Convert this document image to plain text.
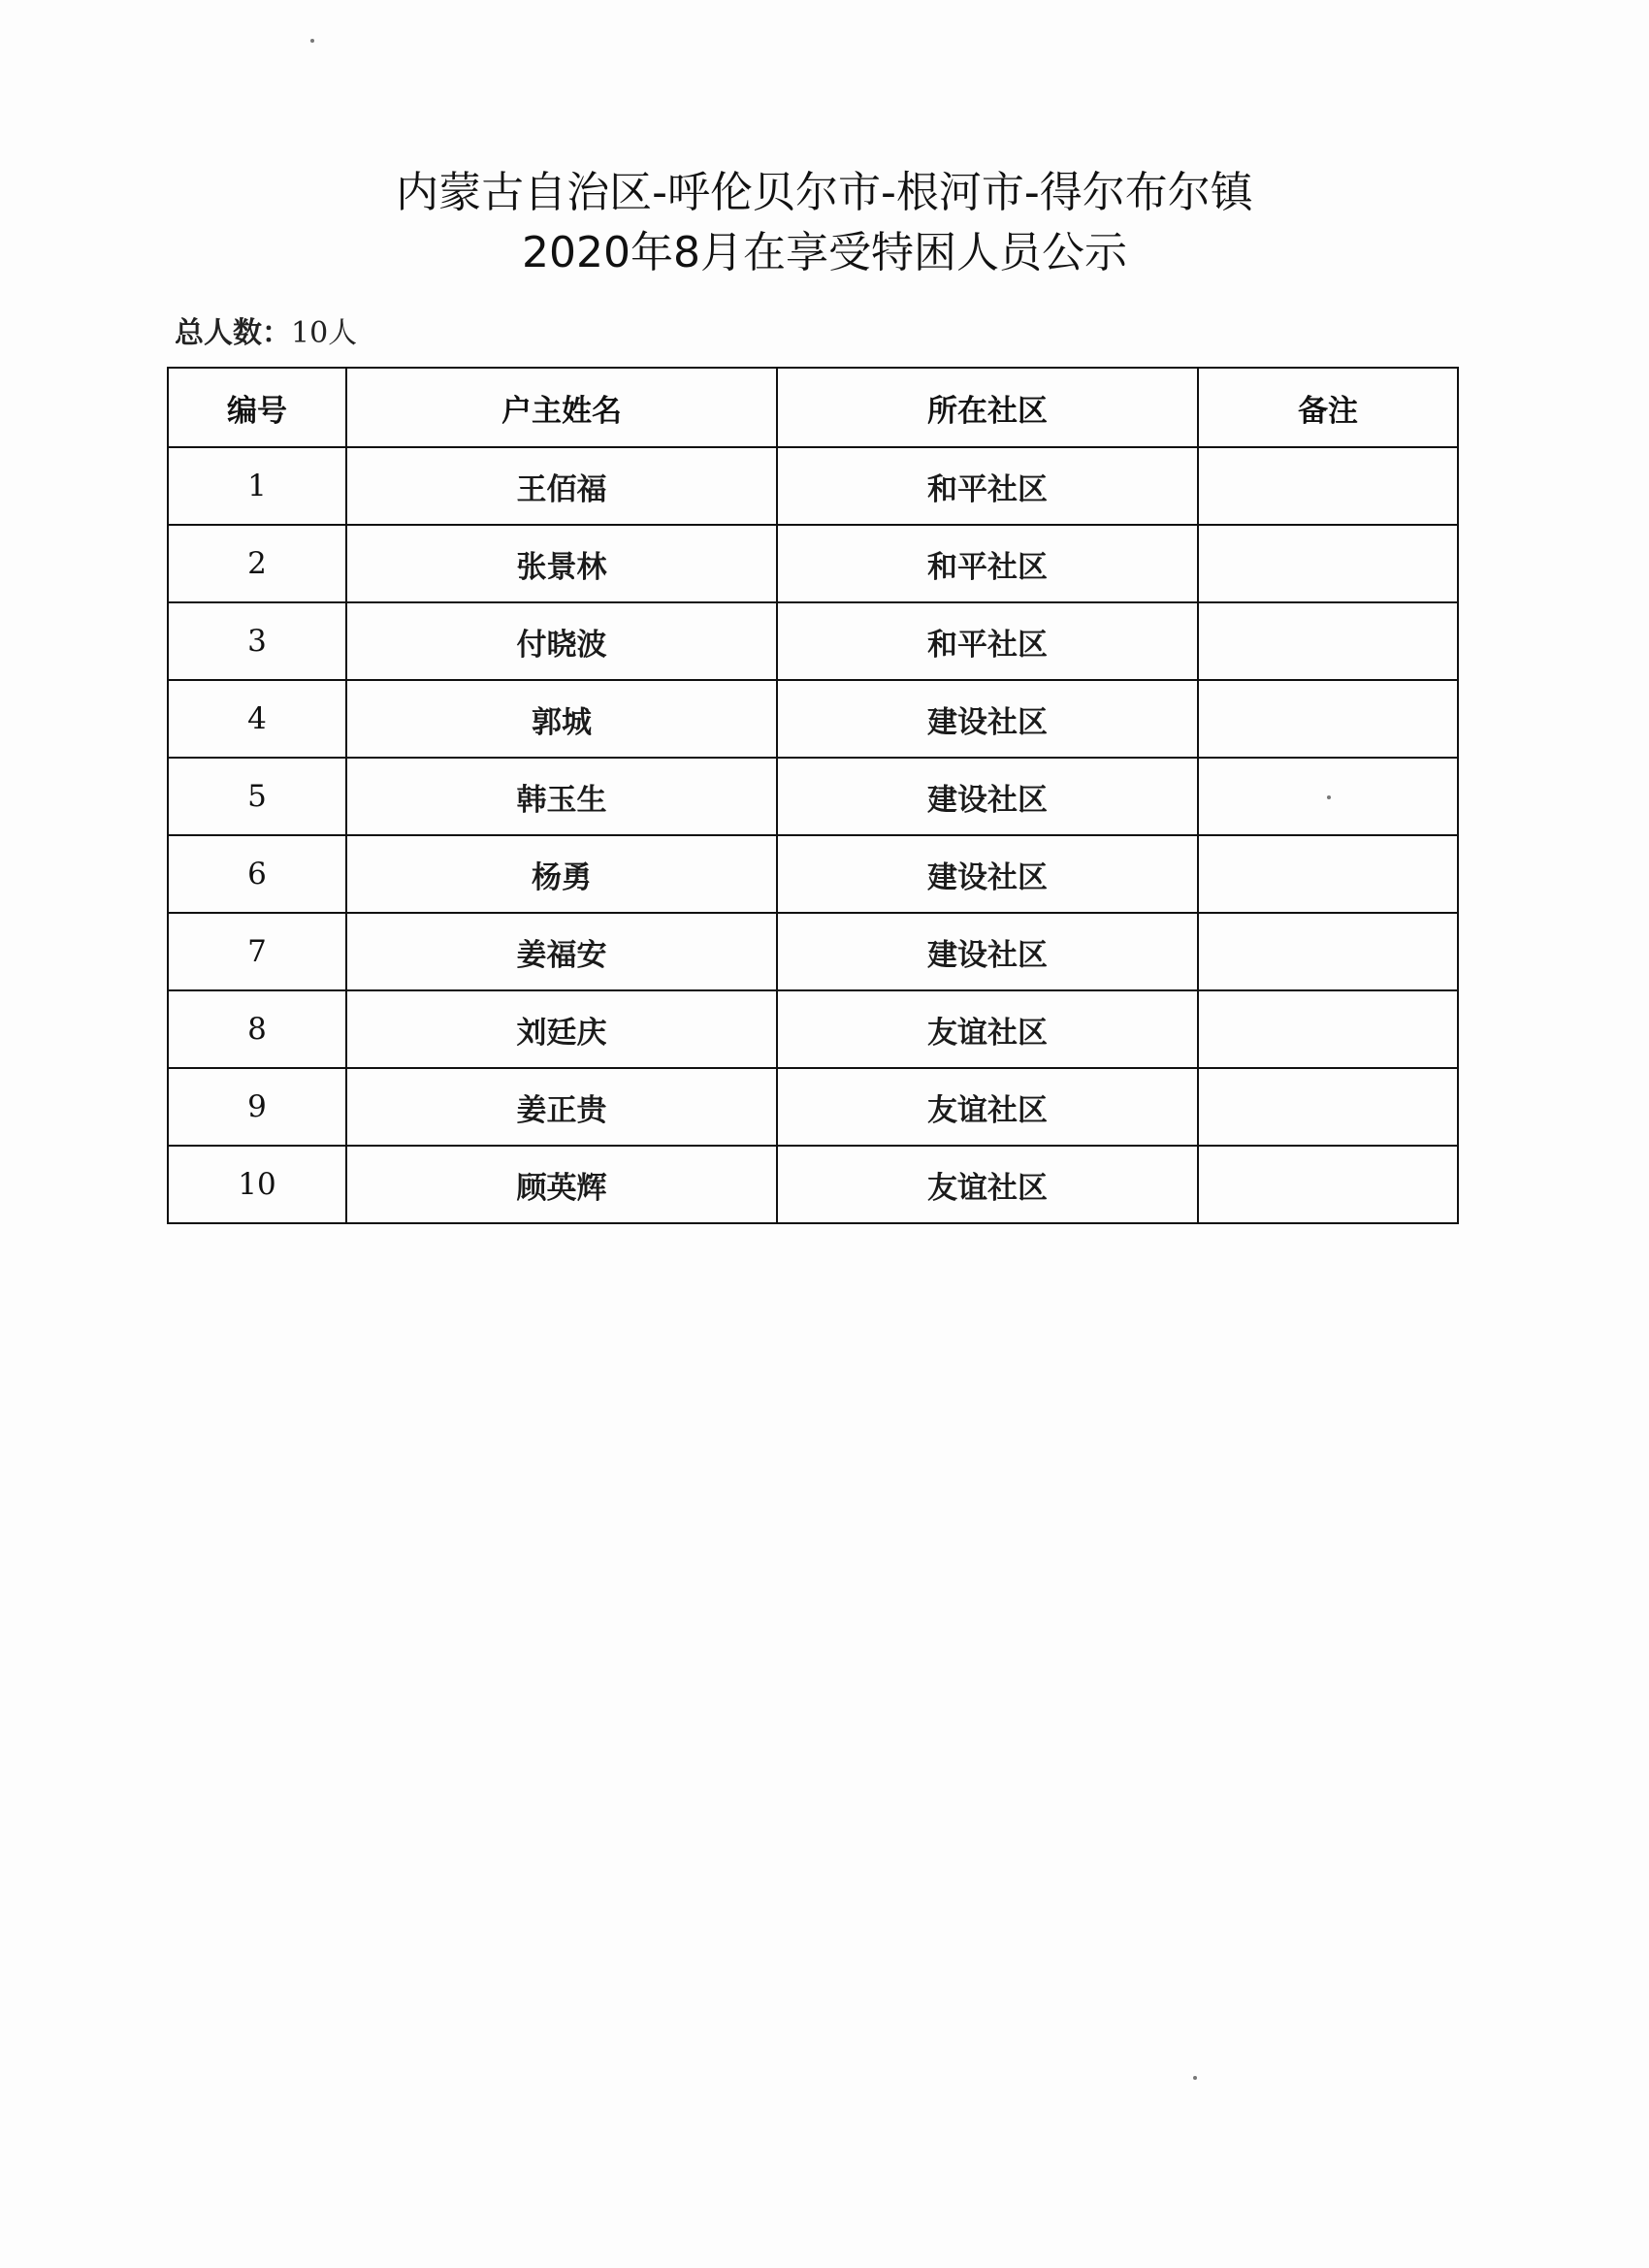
内蒙古自治区-呼伦贝尔市-根河市-得尔布尔镇
2020年8月在享受特困人员公示
总人数：10人
编号	户主姓名	所在社区	备注
1	王佰福	和平社区	
2	张景林	和平社区	
3	付晓波	和平社区	
4	郭城	建设社区	
5	韩玉生	建设社区	
6	杨勇	建设社区	
7	姜福安	建设社区	
8	刘廷庆	友谊社区	
9	姜正贵	友谊社区	
10	顾英辉	友谊社区	
